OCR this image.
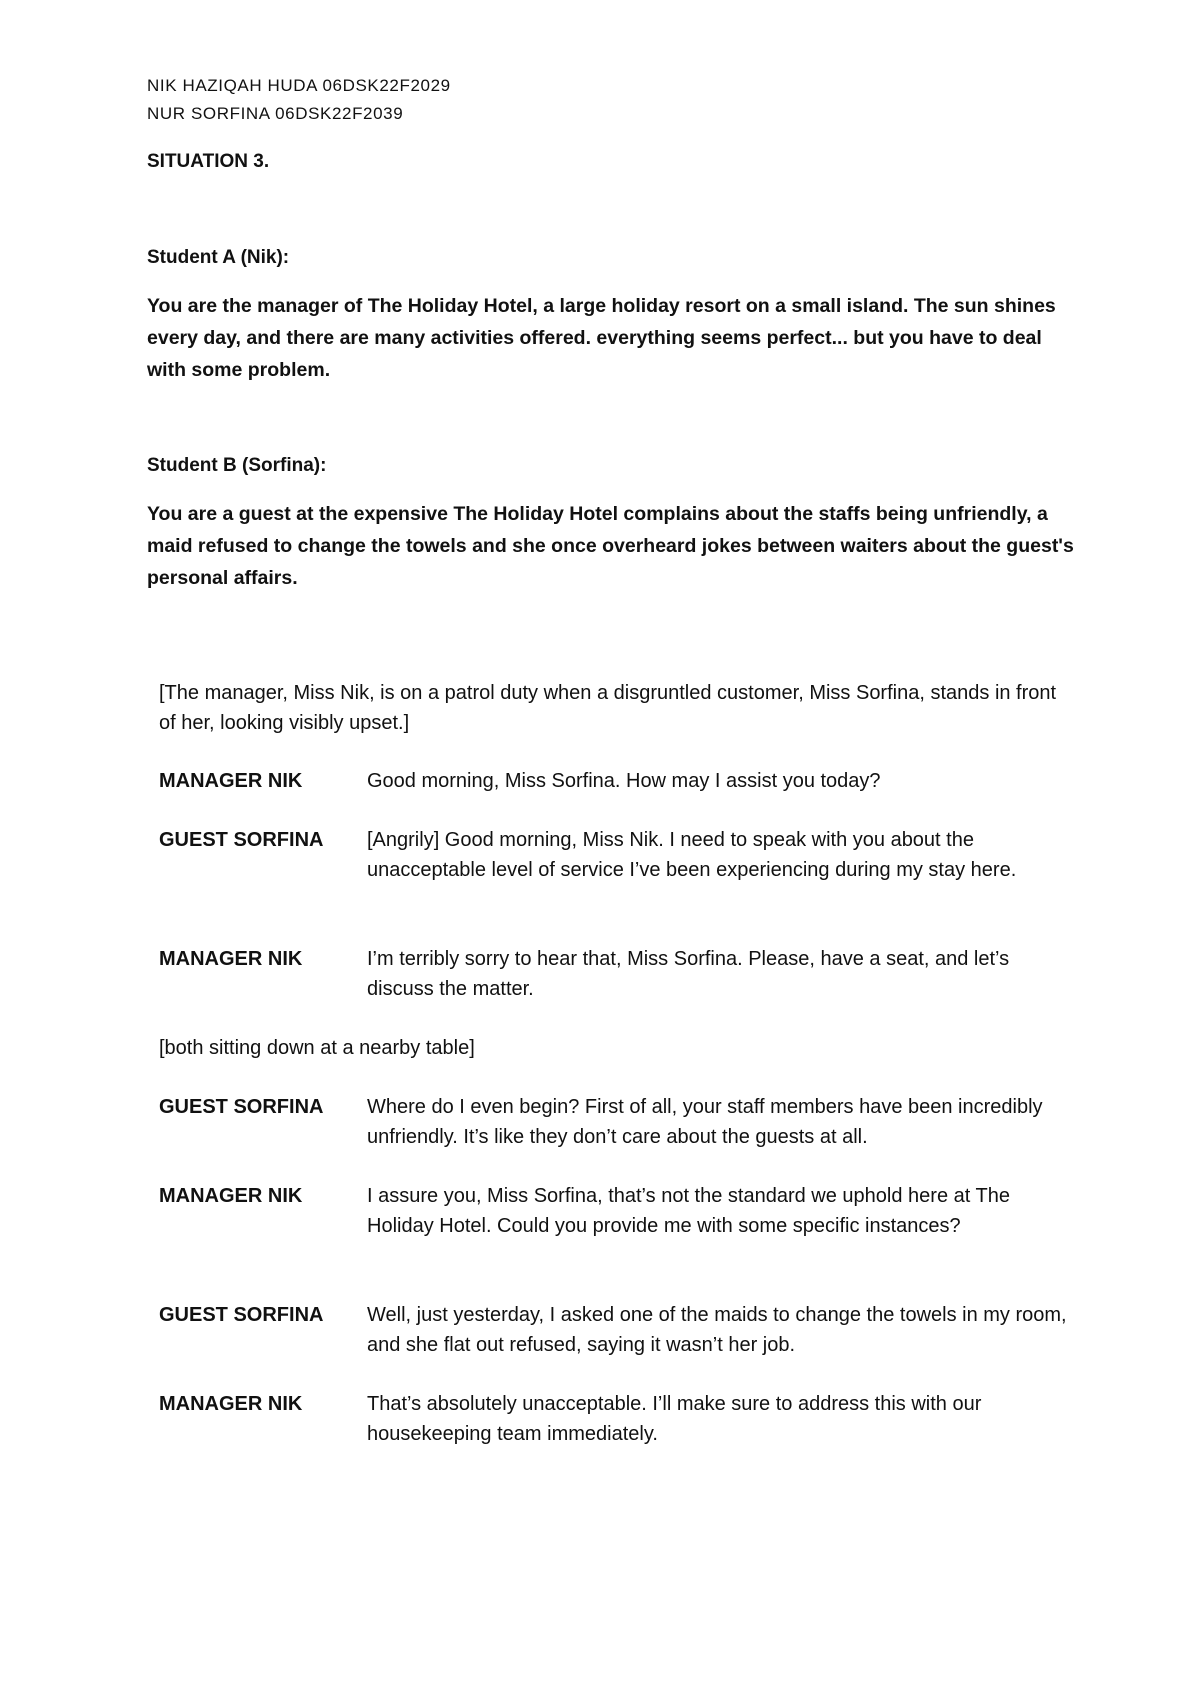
NIK HAZIQAH HUDA 06DSK22F2029
NUR SORFINA 06DSK22F2039
SITUATION 3.
Student A (Nik):
You are the manager of The Holiday Hotel, a large holiday resort on a small island. The sun shines every day, and there are many activities offered. everything seems perfect... but you have to deal with some problem.
Student B (Sorfina):
You are a guest at the expensive The Holiday Hotel complains about the staffs being unfriendly, a maid refused to change the towels and she once overheard jokes between waiters about the guest's personal affairs.
[The manager, Miss Nik, is on a patrol duty when a disgruntled customer, Miss Sorfina, stands in front of her, looking visibly upset.]
MANAGER NIK	Good morning, Miss Sorfina. How may I assist you today?
GUEST SORFINA	[Angrily] Good morning, Miss Nik. I need to speak with you about the unacceptable level of service I’ve been experiencing during my stay here.
MANAGER NIK	I’m terribly sorry to hear that, Miss Sorfina. Please, have a seat, and let’s discuss the matter.
[both sitting down at a nearby table]
GUEST SORFINA	Where do I even begin? First of all, your staff members have been incredibly unfriendly. It’s like they don’t care about the guests at all.
MANAGER NIK	I assure you, Miss Sorfina, that’s not the standard we uphold here at The Holiday Hotel. Could you provide me with some specific instances?
GUEST SORFINA	Well, just yesterday, I asked one of the maids to change the towels in my room, and she flat out refused, saying it wasn’t her job.
MANAGER NIK	That’s absolutely unacceptable. I’ll make sure to address this with our housekeeping team immediately.
